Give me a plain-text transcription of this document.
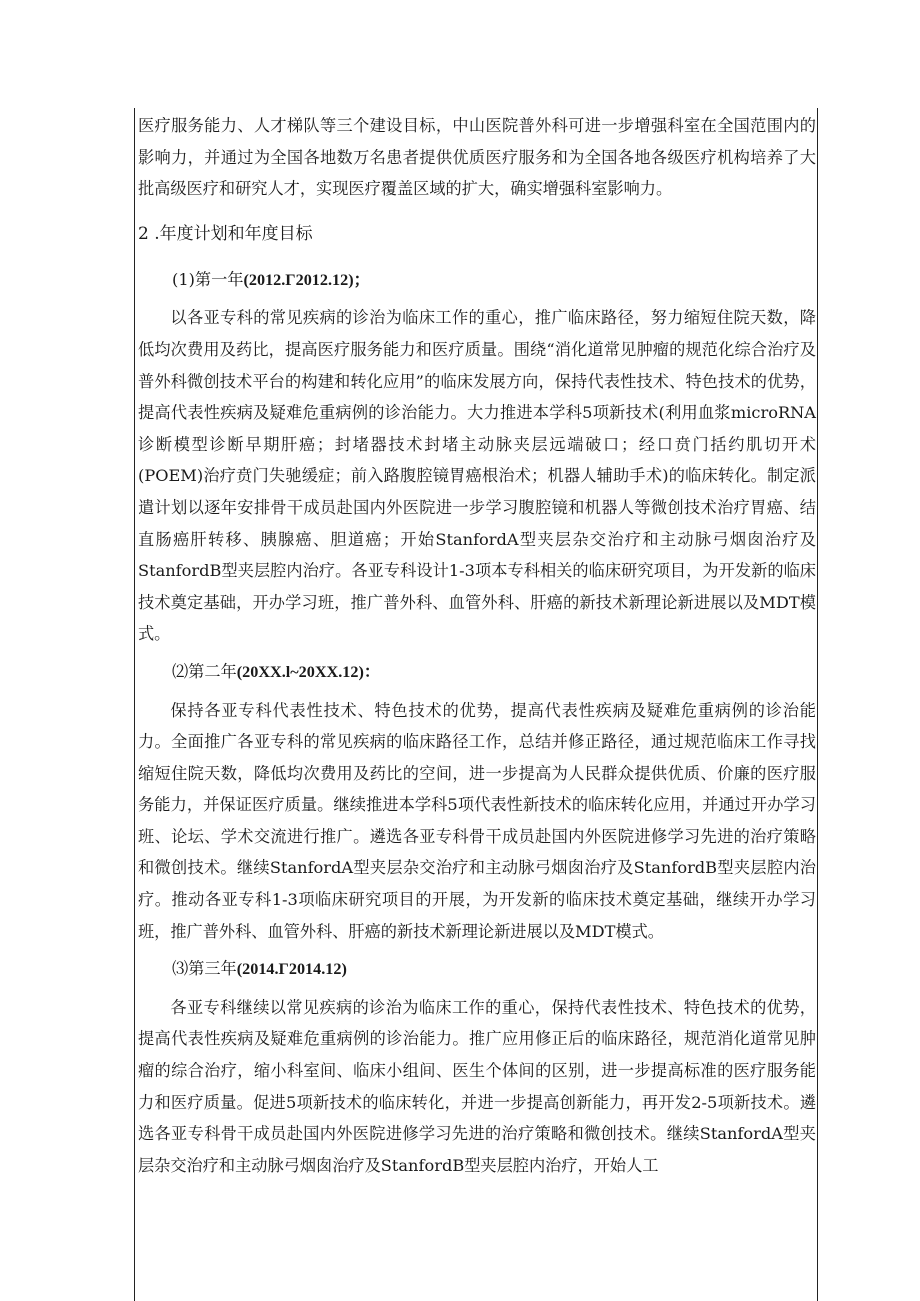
医疗服务能力、人才梯队等三个建设目标，中山医院普外科可进一步增强科室在全国范围内的影响力，并通过为全国各地数万名患者提供优质医疗服务和为全国各地各级医疗机构培养了大批高级医疗和研究人才，实现医疗覆盖区域的扩大，确实增强科室影响力。

2 .年度计划和年度目标

(1)第一年(2012.Γ2012.12)；

以各亚专科的常见疾病的诊治为临床工作的重心，推广临床路径，努力缩短住院天数，降低均次费用及药比，提高医疗服务能力和医疗质量。围绕“消化道常见肿瘤的规范化综合治疗及普外科微创技术平台的构建和转化应用”的临床发展方向，保持代表性技术、特色技术的优势，提高代表性疾病及疑难危重病例的诊治能力。大力推进本学科5项新技术(利用血浆microRNA诊断模型诊断早期肝癌；封堵器技术封堵主动脉夹层远端破口；经口贲门括约肌切开术(POEM)治疗贲门失驰缓症；前入路腹腔镜胃癌根治术；机器人辅助手术)的临床转化。制定派遣计划以逐年安排骨干成员赴国内外医院进一步学习腹腔镜和机器人等微创技术治疗胃癌、结直肠癌肝转移、胰腺癌、胆道癌；开始StanfordA型夹层杂交治疗和主动脉弓烟囱治疗及StanfordB型夹层腔内治疗。各亚专科设计1-3项本专科相关的临床研究项目，为开发新的临床技术奠定基础，开办学习班，推广普外科、血管外科、肝癌的新技术新理论新进展以及MDT模式。

⑵第二年(20XX.l~20XX.12)：

保持各亚专科代表性技术、特色技术的优势，提高代表性疾病及疑难危重病例的诊治能力。全面推广各亚专科的常见疾病的临床路径工作，总结并修正路径，通过规范临床工作寻找缩短住院天数，降低均次费用及药比的空间，进一步提高为人民群众提供优质、价廉的医疗服务能力，并保证医疗质量。继续推进本学科5项代表性新技术的临床转化应用，并通过开办学习班、论坛、学术交流进行推广。遴选各亚专科骨干成员赴国内外医院进修学习先进的治疗策略和微创技术。继续StanfordA型夹层杂交治疗和主动脉弓烟囱治疗及StanfordB型夹层腔内治疗。推动各亚专科1-3项临床研究项目的开展，为开发新的临床技术奠定基础，继续开办学习班，推广普外科、血管外科、肝癌的新技术新理论新进展以及MDT模式。

⑶第三年(2014.Γ2014.12)

各亚专科继续以常见疾病的诊治为临床工作的重心，保持代表性技术、特色技术的优势，提高代表性疾病及疑难危重病例的诊治能力。推广应用修正后的临床路径，规范消化道常见肿瘤的综合治疗，缩小科室间、临床小组间、医生个体间的区别，进一步提高标准的医疗服务能力和医疗质量。促进5项新技术的临床转化，并进一步提高创新能力，再开发2-5项新技术。遴选各亚专科骨干成员赴国内外医院进修学习先进的治疗策略和微创技术。继续StanfordA型夹层杂交治疗和主动脉弓烟囱治疗及StanfordB型夹层腔内治疗，开始人工
